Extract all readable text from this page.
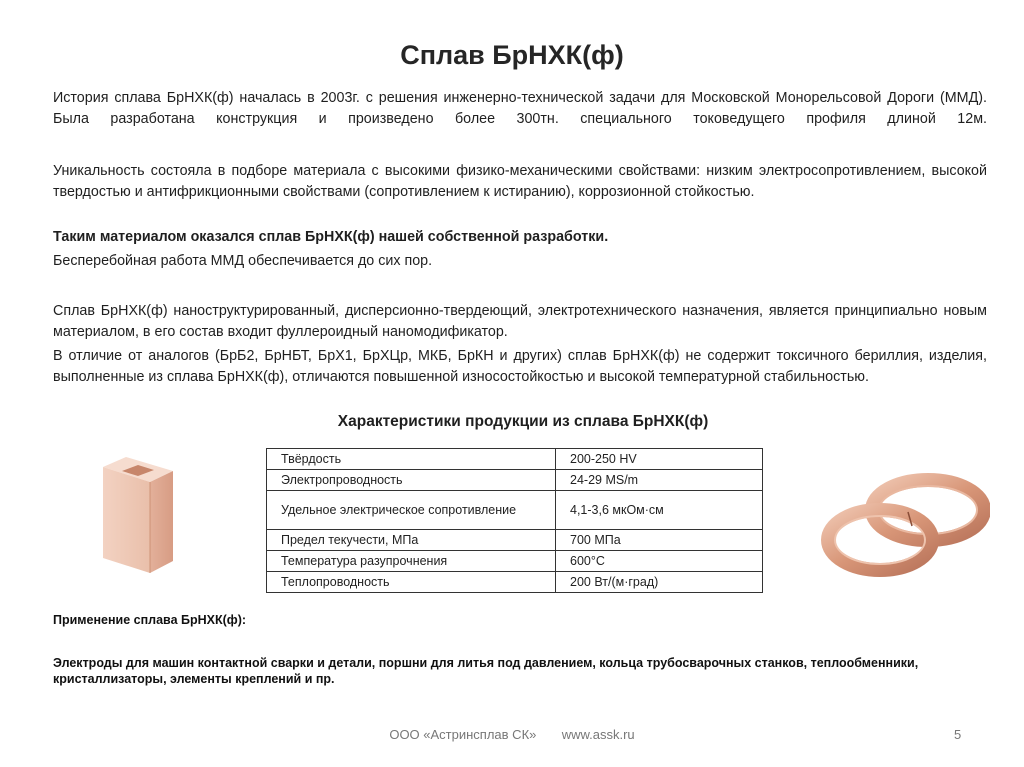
Сплав БрНХК(ф)
История сплава БрНХК(ф) началась в 2003г. с решения инженерно-технической задачи для Московской Монорельсовой Дороги (ММД). Была разработана конструкция и произведено более 300тн. специального токоведущего профиля длиной 12м.
Уникальность состояла в подборе материала с высокими физико-механическими свойствами: низким электросопротивлением, высокой твердостью и антифрикционными свойствами (сопротивлением к истиранию), коррозионной стойкостью.
Таким материалом оказался сплав БрНХК(ф) нашей собственной разработки.
Бесперебойная работа ММД обеспечивается до сих пор.
Сплав БрНХК(ф) наноструктурированный, дисперсионно-твердеющий, электротехнического назначения, является принципиально новым материалом, в его состав входит фуллероидный наномодификатор.
В отличие от аналогов (БрБ2, БрНБТ, БрХ1, БрХЦр, МКБ, БрКН и других) сплав БрНХК(ф) не содержит токсичного бериллия, изделия, выполненные из сплава БрНХК(ф), отличаются повышенной износостойкостью и высокой температурной стабильностью.
Характеристики продукции из сплава БрНХК(ф)
Твёрдость	200-250 HV
Электропроводность	24-29 MS/m
Удельное электрическое сопротивление	4,1-3,6 мкОм·см
Предел текучести, МПа	700 МПа
Температура разупрочнения	600°С
Теплопроводность	200 Вт/(м·град)
Применение сплава БрНХК(ф):
Электроды для машин контактной сварки и детали, поршни для литья под давлением, кольца трубосварочных станков, теплообменники, кристаллизаторы, элементы креплений и пр.
ООО «Астринсплав СК» www.assk.ru	5
